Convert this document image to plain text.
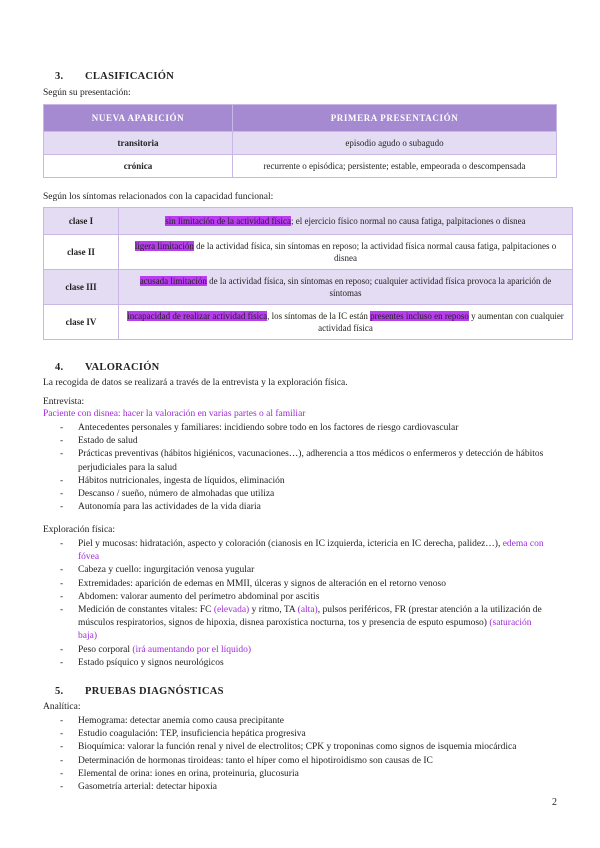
3. CLASIFICACIÓN
Según su presentación:
NUEVA APARICIÓN	PRIMERA PRESENTACIÓN
transitoria	episodio agudo o subagudo
crónica	recurrente o episódica; persistente; estable, empeorada o descompensada
Según los síntomas relacionados con la capacidad funcional:
clase I	sin limitación de la actividad física; el ejercicio físico normal no causa fatiga, palpitaciones o disnea
clase II	ligera limitación de la actividad física, sin síntomas en reposo; la actividad física normal causa fatiga, palpitaciones o disnea
clase III	acusada limitación de la actividad física, sin síntomas en reposo; cualquier actividad física provoca la aparición de síntomas
clase IV	incapacidad de realizar actividad física, los síntomas de la IC están presentes incluso en reposo y aumentan con cualquier actividad física
4. VALORACIÓN
La recogida de datos se realizará a través de la entrevista y la exploración física.
Entrevista:
Paciente con disnea: hacer la valoración en varias partes o al familiar
- Antecedentes personales y familiares: incidiendo sobre todo en los factores de riesgo cardiovascular
- Estado de salud
- Prácticas preventivas (hábitos higiénicos, vacunaciones…), adherencia a ttos médicos o enfermeros y detección de hábitos perjudiciales para la salud
- Hábitos nutricionales, ingesta de líquidos, eliminación
- Descanso / sueño, número de almohadas que utiliza
- Autonomía para las actividades de la vida diaria
Exploración física:
- Piel y mucosas: hidratación, aspecto y coloración (cianosis en IC izquierda, ictericia en IC derecha, palidez…), edema con fóvea
- Cabeza y cuello: ingurgitación venosa yugular
- Extremidades: aparición de edemas en MMII, úlceras y signos de alteración en el retorno venoso
- Abdomen: valorar aumento del perímetro abdominal por ascitis
- Medición de constantes vitales: FC (elevada) y ritmo, TA (alta), pulsos periféricos, FR (prestar atención a la utilización de músculos respiratorios, signos de hipoxia, disnea paroxística nocturna, tos y presencia de esputo espumoso) (saturación baja)
- Peso corporal (irá aumentando por el líquido)
- Estado psíquico y signos neurológicos
5. PRUEBAS DIAGNÓSTICAS
Analítica:
- Hemograma: detectar anemia como causa precipitante
- Estudio coagulación: TEP, insuficiencia hepática progresiva
- Bioquímica: valorar la función renal y nivel de electrolitos; CPK y troponinas como signos de isquemia miocárdica
- Determinación de hormonas tiroideas: tanto el híper como el hipotiroidismo son causas de IC
- Elemental de orina: iones en orina, proteinuria, glucosuria
- Gasometría arterial: detectar hipoxia
2
